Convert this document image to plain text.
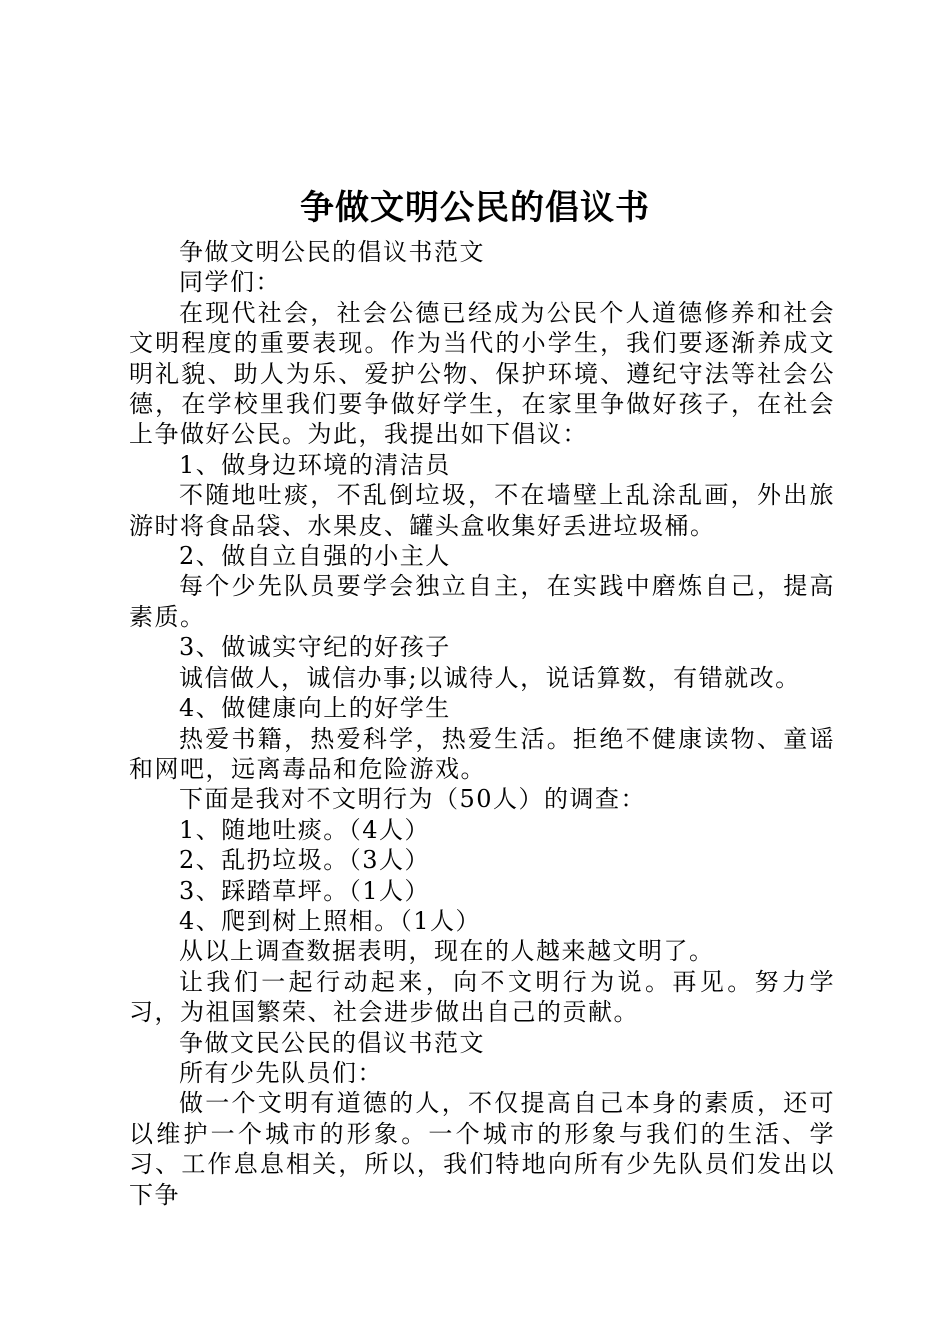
争做文明公民的倡议书

争做文明公民的倡议书范文

同学们：

在现代社会，社会公德已经成为公民个人道德修养和社会文明程度的重要表现。作为当代的小学生，我们要逐渐养成文明礼貌、助人为乐、爱护公物、保护环境、遵纪守法等社会公德，在学校里我们要争做好学生，在家里争做好孩子，在社会上争做好公民。为此，我提出如下倡议：

1、做身边环境的清洁员

不随地吐痰，不乱倒垃圾，不在墙壁上乱涂乱画，外出旅游时将食品袋、水果皮、罐头盒收集好丢进垃圾桶。

2、做自立自强的小主人

每个少先队员要学会独立自主，在实践中磨炼自己，提高素质。

3、做诚实守纪的好孩子

诚信做人，诚信办事;以诚待人，说话算数，有错就改。

4、做健康向上的好学生

热爱书籍，热爱科学，热爱生活。拒绝不健康读物、童谣和网吧，远离毒品和危险游戏。

下面是我对不文明行为（50人）的调查：

1、随地吐痰。（4人）

2、乱扔垃圾。（3人）

3、踩踏草坪。（1人）

4、爬到树上照相。（1人）

从以上调查数据表明，现在的人越来越文明了。

让我们一起行动起来，向不文明行为说。再见。努力学习，为祖国繁荣、社会进步做出自己的贡献。

争做文民公民的倡议书范文

所有少先队员们：

做一个文明有道德的人，不仅提高自己本身的素质，还可以维护一个城市的形象。一个城市的形象与我们的生活、学习、工作息息相关，所以，我们特地向所有少先队员们发出以下争
